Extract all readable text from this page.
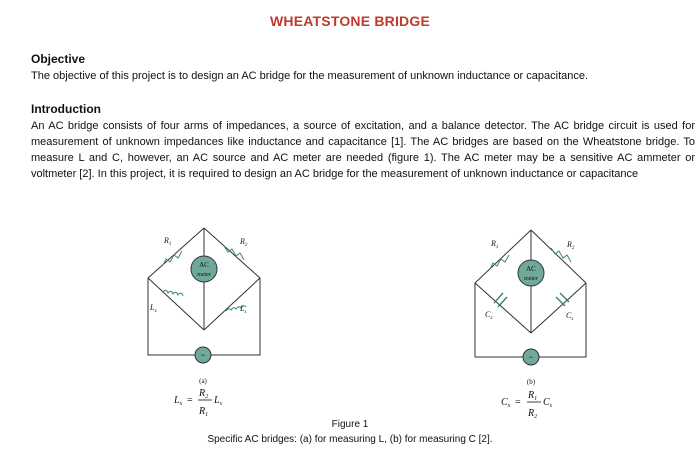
WHEATSTONE BRIDGE
Objective
The objective of this project is to design an AC bridge for the measurement of unknown inductance or capacitance.
Introduction
An AC bridge consists of four arms of impedances, a source of excitation, and a balance detector. The AC bridge circuit is used for measurement of unknown impedances like inductance and capacitance [1]. The AC bridges are based on the Wheatstone bridge. To measure L and C, however, an AC source and AC meter are needed (figure 1). The AC meter may be a sensitive AC ammeter or voltmeter [2]. In this project, it is required to design an AC bridge for the measurement of unknown inductance or capacitance
AC
meter
AC
meter
~	~
$R_1$	$R_2$
$L_x$	$L_s$
$R_1$	$R_2$
$C_x$	$C_s$
(a)	(b)
$L_x$ =
$R_2$
$R_1$
$L_s$	$C_x$ =
$R_1$
$R_2$
$C_s$
Figure 1
Specific AC bridges: (a) for measuring L, (b) for measuring C [2].
